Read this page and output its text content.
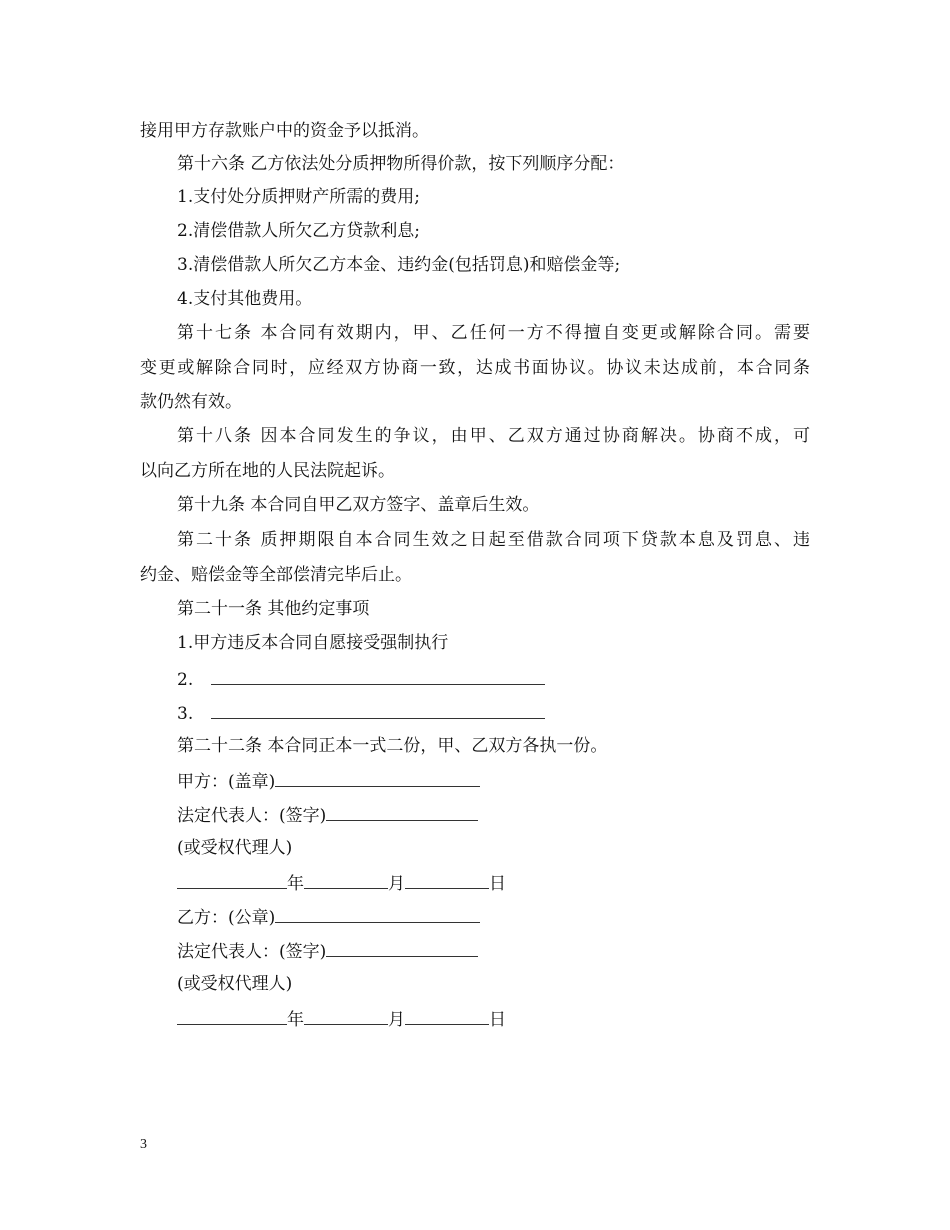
接用甲方存款账户中的资金予以抵消。
第十六条 乙方依法处分质押物所得价款，按下列顺序分配：
1.支付处分质押财产所需的费用;
2.清偿借款人所欠乙方贷款利息;
3.清偿借款人所欠乙方本金、违约金(包括罚息)和赔偿金等;
4.支付其他费用。
第十七条 本合同有效期内，甲、乙任何一方不得擅自变更或解除合同。需要
变更或解除合同时，应经双方协商一致，达成书面协议。协议未达成前，本合同条
款仍然有效。
第十八条 因本合同发生的争议，由甲、乙双方通过协商解决。协商不成，可
以向乙方所在地的人民法院起诉。
第十九条 本合同自甲乙双方签字、盖章后生效。
第二十条 质押期限自本合同生效之日起至借款合同项下贷款本息及罚息、违
约金、赔偿金等全部偿清完毕后止。
第二十一条 其他约定事项
1.甲方违反本合同自愿接受强制执行
2.
3.
第二十二条 本合同正本一式二份，甲、乙双方各执一份。
甲方：(盖章)
法定代表人：(签字)
(或受权代理人)
年	月	日
乙方：(公章)
法定代表人：(签字)
(或受权代理人)
年	月	日
3
